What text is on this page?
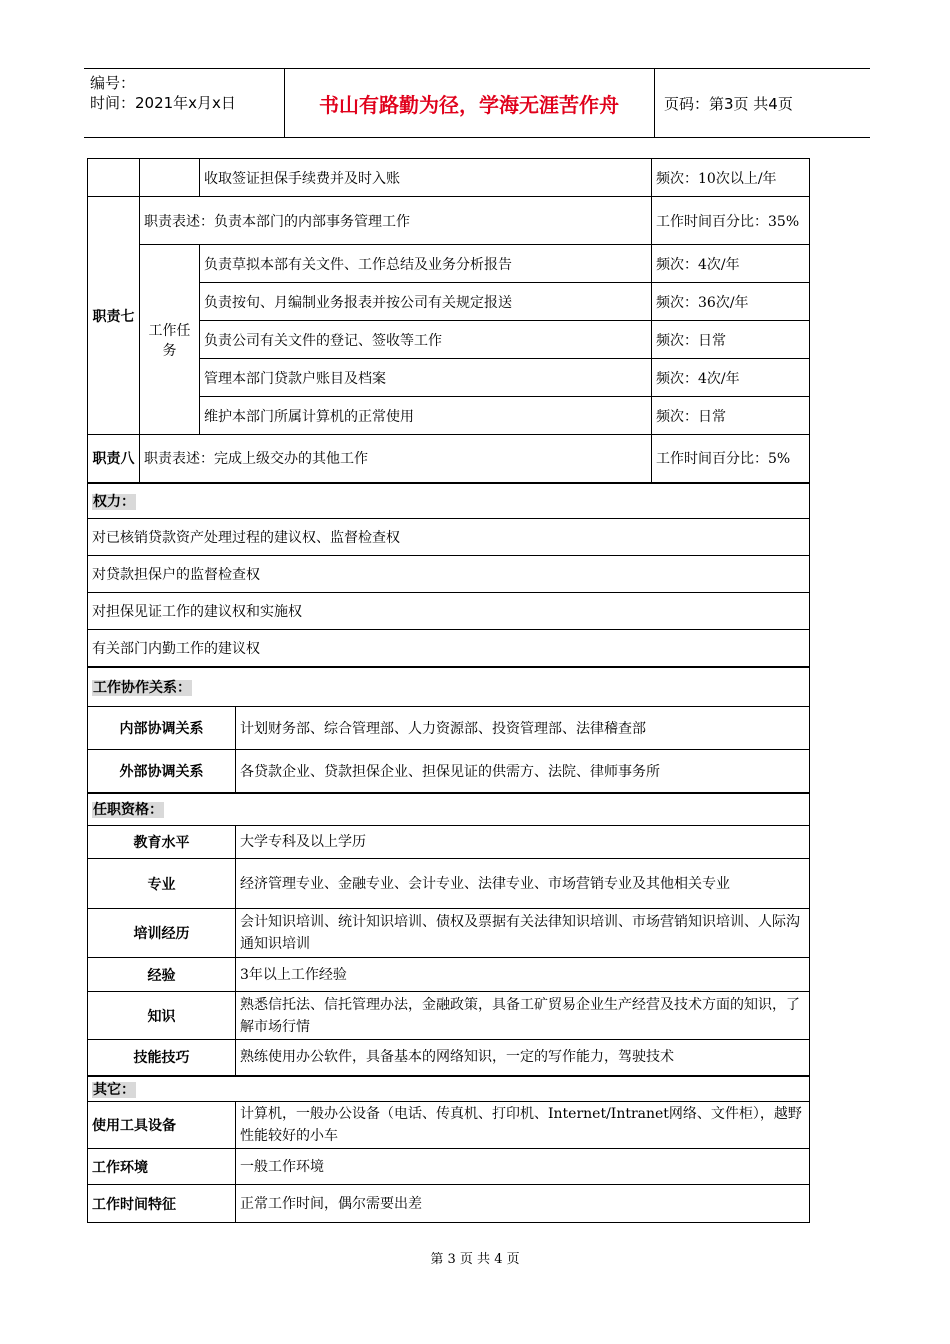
编号：
时间：2021年x月x日	书山有路勤为径，学海无涯苦作舟	页码：第3页 共4页
		收取签证担保手续费并及时入账		频次：10次以上/年
职责七	职责表述：负责本部门的内部事务管理工作			工作时间百分比：35%
	工作任务	负责草拟本部有关文件、工作总结及业务分析报告		频次：4次/年
		负责按旬、月编制业务报表并按公司有关规定报送		频次：36次/年
		负责公司有关文件的登记、签收等工作		频次：日常
		管理本部门贷款户账目及档案		频次：4次/年
		维护本部门所属计算机的正常使用		频次：日常
职责八	职责表述：完成上级交办的其他工作			工作时间百分比：5%
权力：				
对已核销贷款资产处理过程的建议权、监督检查权				
对贷款担保户的监督检查权				
对担保见证工作的建议权和实施权				
有关部门内勤工作的建议权				
工作协作关系：				
内部协调关系			计划财务部、综合管理部、人力资源部、投资管理部、法律稽查部	
外部协调关系			各贷款企业、贷款担保企业、担保见证的供需方、法院、律师事务所	
任职资格：				
教育水平			大学专科及以上学历	
专业			经济管理专业、金融专业、会计专业、法律专业、市场营销专业及其他相关专业	
培训经历			会计知识培训、统计知识培训、债权及票据有关法律知识培训、市场营销知识培训、人际沟通知识培训	
经验			3年以上工作经验	
知识			熟悉信托法、信托管理办法，金融政策，具备工矿贸易企业生产经营及技术方面的知识，了解市场行情	
技能技巧			熟练使用办公软件，具备基本的网络知识，一定的写作能力，驾驶技术	
其它：				
使用工具设备			计算机，一般办公设备（电话、传真机、打印机、Internet/Intranet网络、文件柜），越野性能较好的小车	
工作环境			一般工作环境	
工作时间特征			正常工作时间，偶尔需要出差	
第 3 页 共 4 页
